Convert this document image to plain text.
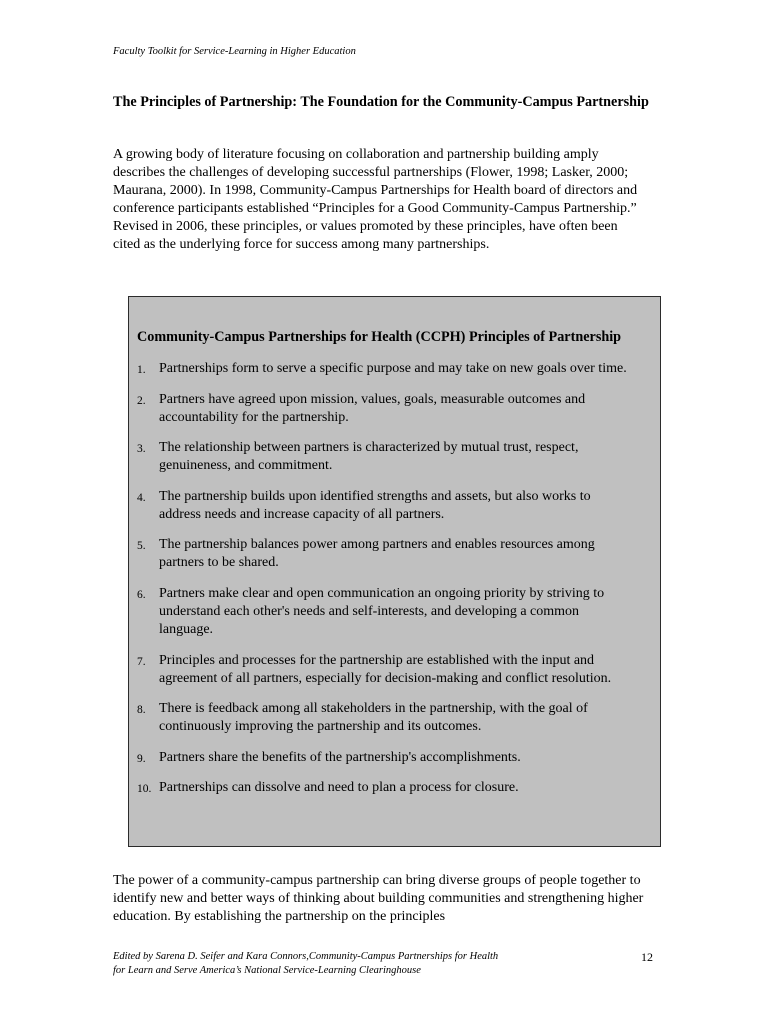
Faculty Toolkit for Service-Learning in Higher Education
The Principles of Partnership: The Foundation for the Community-Campus Partnership

A growing body of literature focusing on collaboration and partnership building amply describes the challenges of developing successful partnerships (Flower, 1998; Lasker, 2000; Maurana, 2000). In 1998, Community-Campus Partnerships for Health board of directors and conference participants established “Principles for a Good Community-Campus Partnership.” Revised in 2006, these principles, or values promoted by these principles, have often been cited as the underlying force for success among many partnerships.

Community-Campus Partnerships for Health (CCPH) Principles of Partnership
1. Partnerships form to serve a specific purpose and may take on new goals over time.
2. Partners have agreed upon mission, values, goals, measurable outcomes and accountability for the partnership.
3. The relationship between partners is characterized by mutual trust, respect, genuineness, and commitment.
4. The partnership builds upon identified strengths and assets, but also works to address needs and increase capacity of all partners.
5. The partnership balances power among partners and enables resources among partners to be shared.
6. Partners make clear and open communication an ongoing priority by striving to understand each other's needs and self-interests, and developing a common language.
7. Principles and processes for the partnership are established with the input and agreement of all partners, especially for decision-making and conflict resolution.
8. There is feedback among all stakeholders in the partnership, with the goal of continuously improving the partnership and its outcomes.
9. Partners share the benefits of the partnership's accomplishments.
10. Partnerships can dissolve and need to plan a process for closure.

The power of a community-campus partnership can bring diverse groups of people together to identify new and better ways of thinking about building communities and strengthening higher education. By establishing the partnership on the principles

Edited by Sarena D. Seifer and Kara Connors,Community-Campus Partnerships for Health
for Learn and Serve America’s National Service-Learning Clearinghouse
12
